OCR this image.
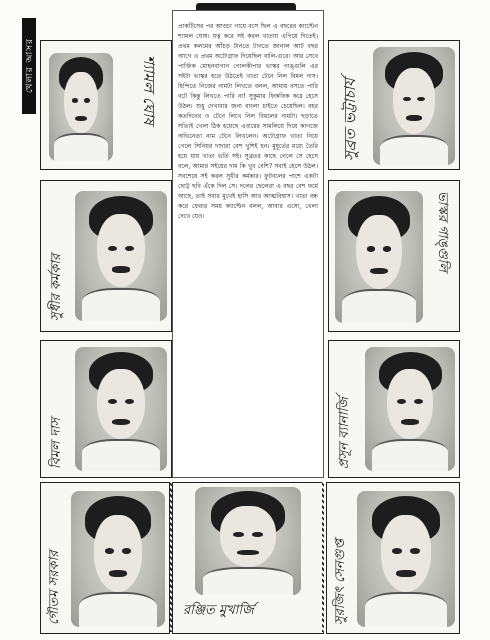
খেলার আসর	শ্যামল ঘোষ	সুব্রত ভট্টাচার্য
সুধীর কর্মকার
ভাস্কর গাঙ্গুলি
বিমল দাস	প্রসূন ব্যানার্জি
গৌতম সরকার	রঞ্জিত মুখার্জি	সুরজিৎ সেনগুপ্ত
প্রাকটিসের পর আড্ডা গায়ে বসে ছিল এ বছরের ক্যাপ্টেন শ্যামল ঘোষ। যত্ন করে সই করল খাতায় এগিয়ে দিতেই। প্রথম কলমের আঁচড় টানতে টানতে জানাল আট বছর আগে এ প্রথম অটোগ্রাফ দিয়েছিল বালি-গুরে। আর সেবে পার্ক্তিক মোহনবাগান গোলকীপার ভাস্কর গাঙ্গুলি এর সইটা ভাস্কর হতে উঠতেই খাতা টেনে নিল বিমল দাস। হিন্দিতে নিজের নামটা লিখতে বলল, আমায় বসতে পারি বটে কিন্তু লিখতে পারি না! সুকুমার ফিকফিক করে হেসে উঠল। শুধু দেখাবার জন্য বাংলা চাইতে চেয়েছিল। বহর কতদিনের ও টেনে লিখে নিল বিমলের নামটা। ছড়াতে সত্যিই খেলা ঠিক হয়েছে এবারের সামলিয়ে দিয়ে কাগজে অভিনেতা নাম টেনে লিখলেন। অটোগ্রাফ খাতা নিয়ে গেলে সিনিয়র দাদারা বেশ খুশিই হন। মুহূর্তের মধ্যে তৈরি হয়ে যায় খাতা ভর্তি সই। সুব্রতর কাছে গেলে সে হেসে বলে, আমার সইয়ের দাম কি খুব বেশি? সবাই হেসে উঠল। সবশেষে সই করল সুধীর কর্মকার। ফুটবলের পাশে একটা ছোট্ট ছবি এঁকে দিল সে। দলের ছেলেরা এ বছর বেশ ফর্মে আছে, তাই সবার মুখেই হাসি আর আত্মবিশ্বাস। খাতা বন্ধ করে ফেরার সময় ক্যাপ্টেন বলল, আবার এসো, খেলা দেখে যেও।
